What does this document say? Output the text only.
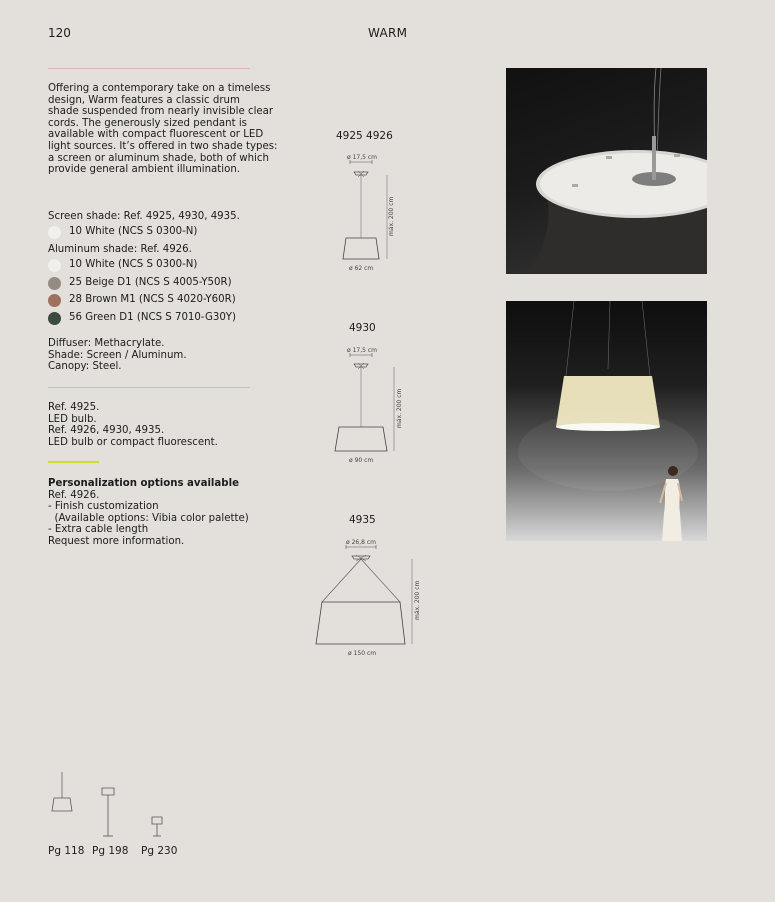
120	WARM
Offering a contemporary take on a timeless
design, Warm features a classic drum
shade suspended from nearly invisible clear
cords. The generously sized pendant is
available with compact fluorescent or LED
light sources. It’s offered in two shade types:
a screen or aluminum shade, both of which
provide general ambient illumination.
Screen shade: Ref. 4925, 4930, 4935.
10 White (NCS S 0300-N)
Aluminum shade: Ref. 4926.
10 White (NCS S 0300-N)
25 Beige D1 (NCS S 4005-Y50R)
28 Brown M1 (NCS S 4020-Y60R)
56 Green D1 (NCS S 7010-G30Y)
Diffuser: Methacrylate.
Shade: Screen / Aluminum.
Canopy: Steel.
Ref. 4925.
LED bulb.
Ref. 4926, 4930, 4935.
LED bulb or compact fluorescent.
Personalization options available
Ref. 4926.
- Finish customization
(Available options: Vibia color palette)
- Extra cable length
Request more information.
4925 4926
ø 17,5 cm
máx. 200 cm
ø 62 cm
4930
ø 17,5 cm
máx. 200 cm
ø 90 cm
4935
ø 26,8 cm
máx. 200 cm
ø 150 cm
Pg 118 Pg 198 Pg 230
